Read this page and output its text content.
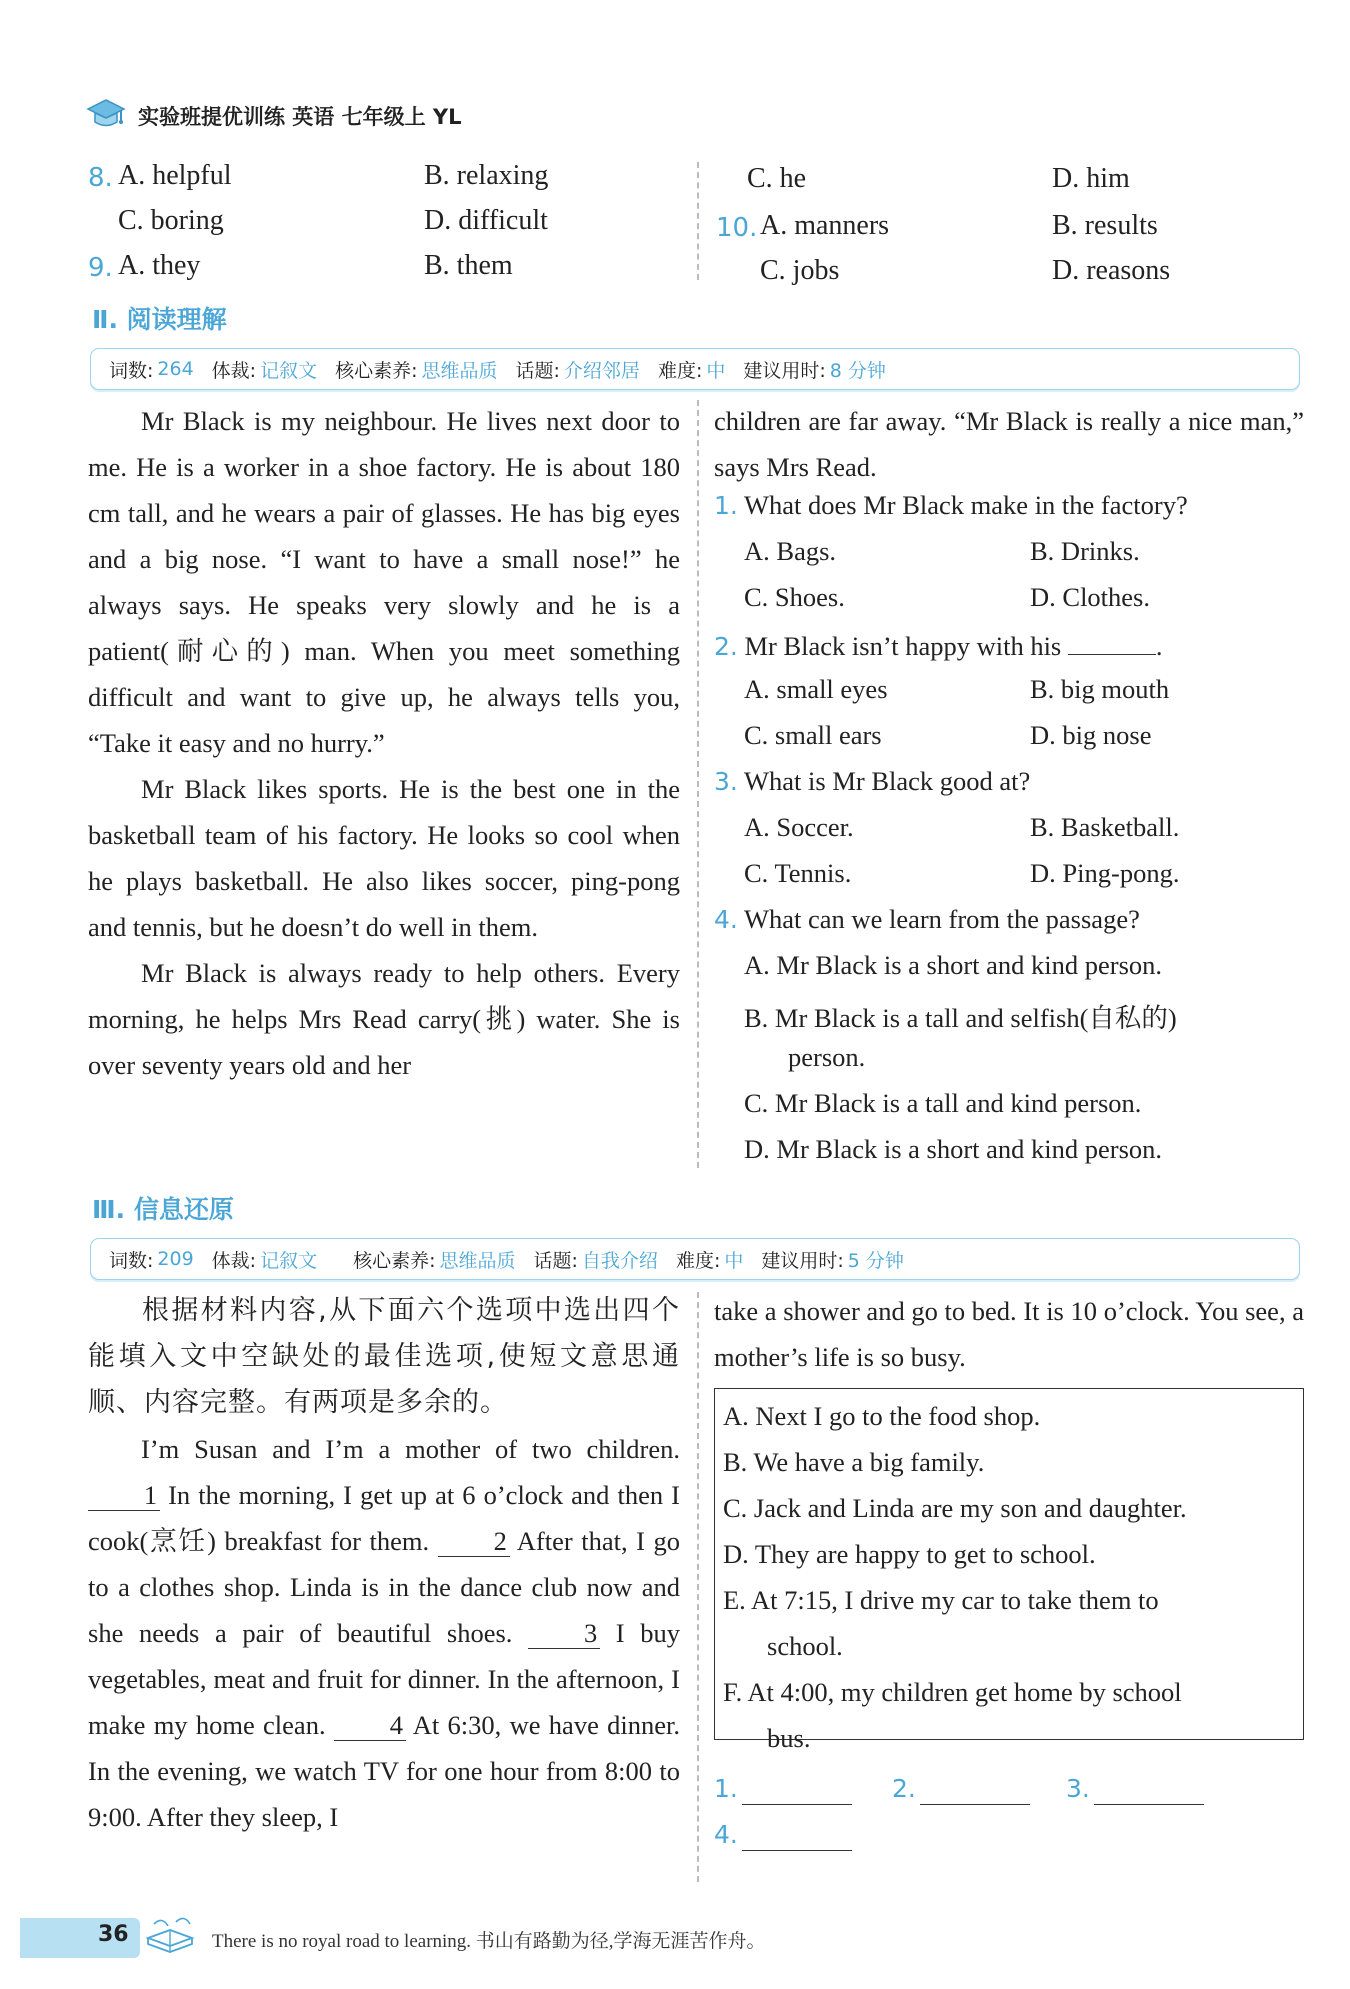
实验班提优训练 英语 七年级上 YL
8. A. helpful	B. relaxing
C. boring	D. difficult
9. A. they	B. them
C. he	D. him
10. A. manners	B. results
C. jobs	D. reasons
Ⅱ. 阅读理解
词数: 264 体裁: 记叙文 核心素养: 思维品质 话题: 介绍邻居 难度: 中 建议用时: 8 分钟
Mr Black is my neighbour. He lives next door to me. He is a worker in a shoe factory. He is about 180 cm tall, and he wears a pair of glasses. He has big eyes and a big nose. “I want to have a small nose!” he always says. He speaks very slowly and he is a patient(耐心的) man. When you meet something difficult and want to give up, he always tells you, “Take it easy and no hurry.”
Mr Black likes sports. He is the best one in the basketball team of his factory. He looks so cool when he plays basketball. He also likes soccer, ping-pong and tennis, but he doesn’t do well in them.
Mr Black is always ready to help others. Every morning, he helps Mrs Read carry(挑) water. She is over seventy years old and her
children are far away. “Mr Black is really a nice man,” says Mrs Read.
1. What does Mr Black make in the factory?
A. Bags.	B. Drinks.
C. Shoes.	D. Clothes.
2. Mr Black isn’t happy with his	.
A. small eyes	B. big mouth
C. small ears	D. big nose
3. What is Mr Black good at?
A. Soccer.	B. Basketball.
C. Tennis.	D. Ping-pong.
4. What can we learn from the passage?
A. Mr Black is a short and kind person.
B. Mr Black is a tall and selfish(自私的)
person.
C. Mr Black is a tall and kind person.
D. Mr Black is a short and kind person.
Ⅲ. 信息还原
词数: 209 体裁: 记叙文 核心素养: 思维品质 话题: 自我介绍 难度: 中 建议用时: 5 分钟
根据材料内容,从下面六个选项中选出四个能填入文中空缺处的最佳选项,使短文意思通顺、内容完整。有两项是多余的。
I’m Susan and I’m a mother of two children. 1 In the morning, I get up at 6 o’clock and then I cook(烹饪) breakfast for them. 2 After that, I go to a clothes shop. Linda is in the dance club now and she needs a pair of beautiful shoes.	3 I buy vegetables, meat and fruit for dinner. In the afternoon, I make my home clean. 4 At 6:30, we have dinner. In the evening, we watch TV for one hour from 8:00 to 9:00. After they sleep, I
take a shower and go to bed. It is 10 o’clock. You see, a mother’s life is so busy.
A. Next I go to the food shop.
B. We have a big family.
C. Jack and Linda are my son and daughter.
D. They are happy to get to school.
E. At 7:15, I drive my car to take them to
school.
F. At 4:00, my children get home by school
bus.
1.	2.	3.
4.
36	There is no royal road to learning. 书山有路勤为径,学海无涯苦作舟。
